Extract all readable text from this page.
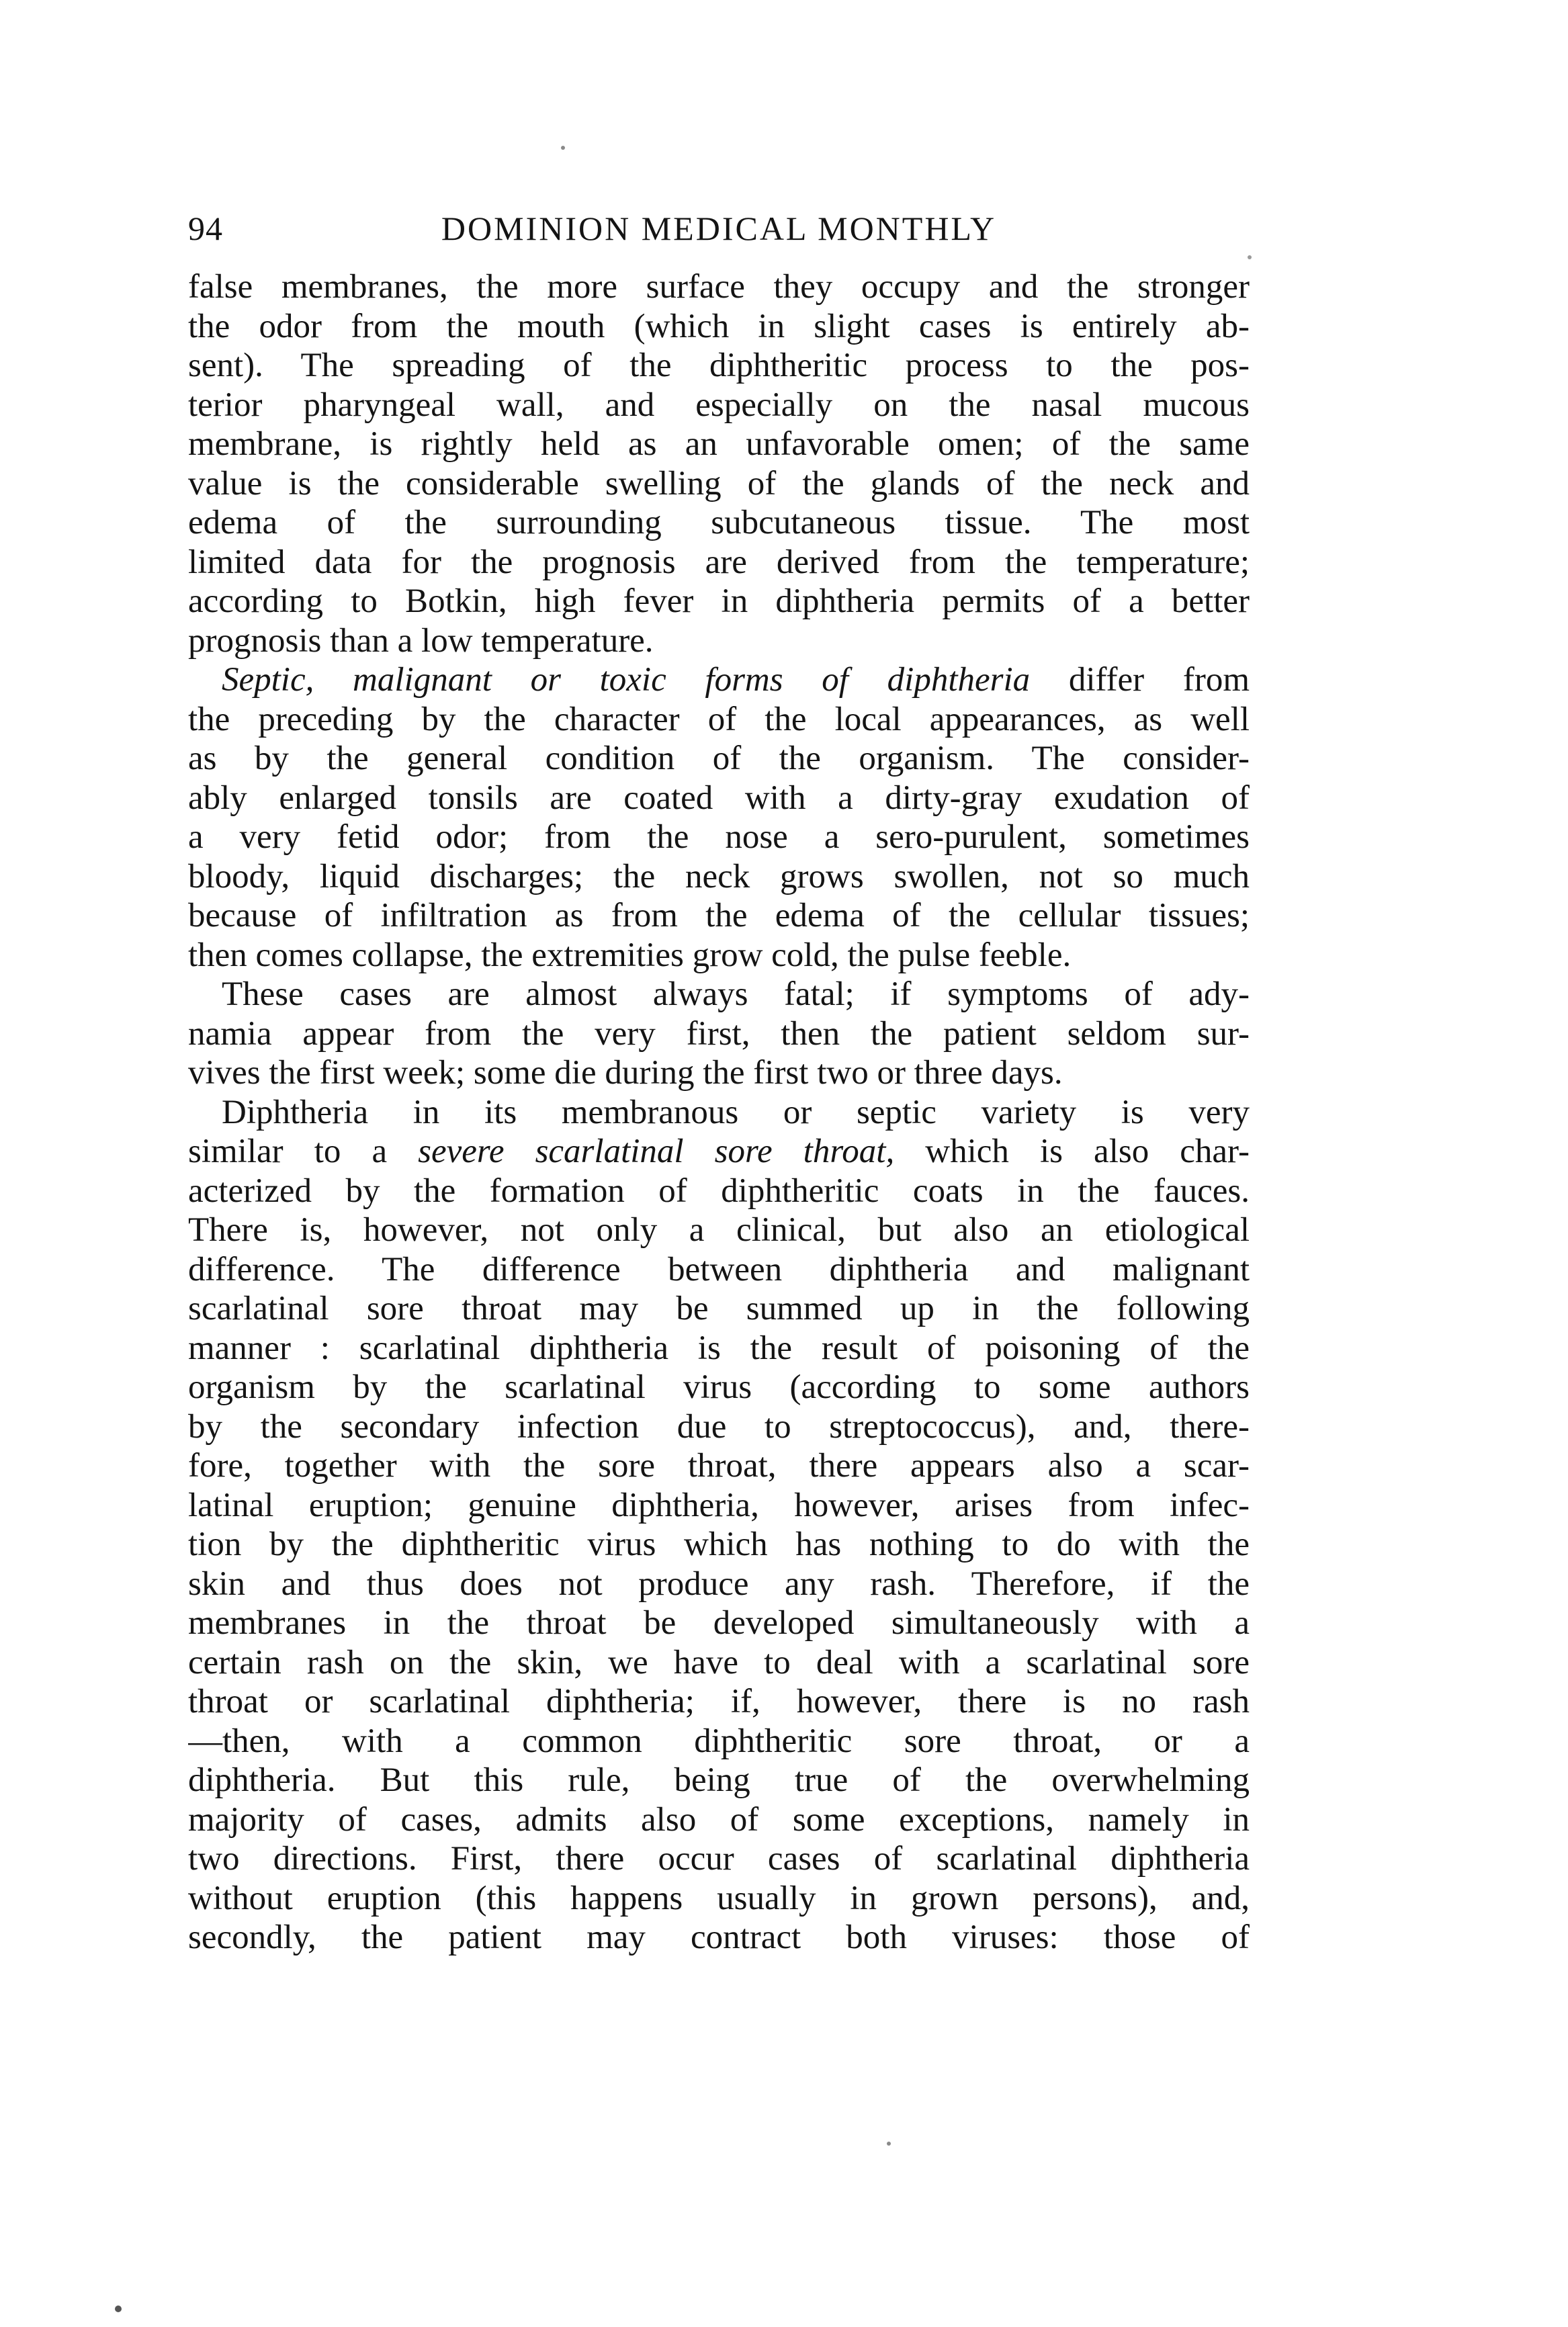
94	DOMINION MEDICAL MONTHLY
false membranes, the more surface they occupy and the stronger
the odor from the mouth (which in slight cases is entirely ab-
sent). The spreading of the diphtheritic process to the pos-
terior pharyngeal wall, and especially on the nasal mucous
membrane, is rightly held as an unfavorable omen; of the same
value is the considerable swelling of the glands of the neck and
edema of the surrounding subcutaneous tissue. The most
limited data for the prognosis are derived from the temperature;
according to Botkin, high fever in diphtheria permits of a better
prognosis than a low temperature.
Septic, malignant or toxic forms of diphtheria differ from
the preceding by the character of the local appearances, as well
as by the general condition of the organism. The consider-
ably enlarged tonsils are coated with a dirty-gray exudation of
a very fetid odor; from the nose a sero-purulent, sometimes
bloody, liquid discharges; the neck grows swollen, not so much
because of infiltration as from the edema of the cellular tissues;
then comes collapse, the extremities grow cold, the pulse feeble.
These cases are almost always fatal; if symptoms of ady-
namia appear from the very first, then the patient seldom sur-
vives the first week; some die during the first two or three days.
Diphtheria in its membranous or septic variety is very
similar to a severe scarlatinal sore throat, which is also char-
acterized by the formation of diphtheritic coats in the fauces.
There is, however, not only a clinical, but also an etiological
difference. The difference between diphtheria and malignant
scarlatinal sore throat may be summed up in the following
manner : scarlatinal diphtheria is the result of poisoning of the
organism by the scarlatinal virus (according to some authors
by the secondary infection due to streptococcus), and, there-
fore, together with the sore throat, there appears also a scar-
latinal eruption; genuine diphtheria, however, arises from infec-
tion by the diphtheritic virus which has nothing to do with the
skin and thus does not produce any rash. Therefore, if the
membranes in the throat be developed simultaneously with a
certain rash on the skin, we have to deal with a scarlatinal sore
throat or scarlatinal diphtheria; if, however, there is no rash
—then, with a common diphtheritic sore throat, or a
diphtheria. But this rule, being true of the overwhelming
majority of cases, admits also of some exceptions, namely in
two directions. First, there occur cases of scarlatinal diphtheria
without eruption (this happens usually in grown persons), and,
secondly, the patient may contract both viruses: those of
